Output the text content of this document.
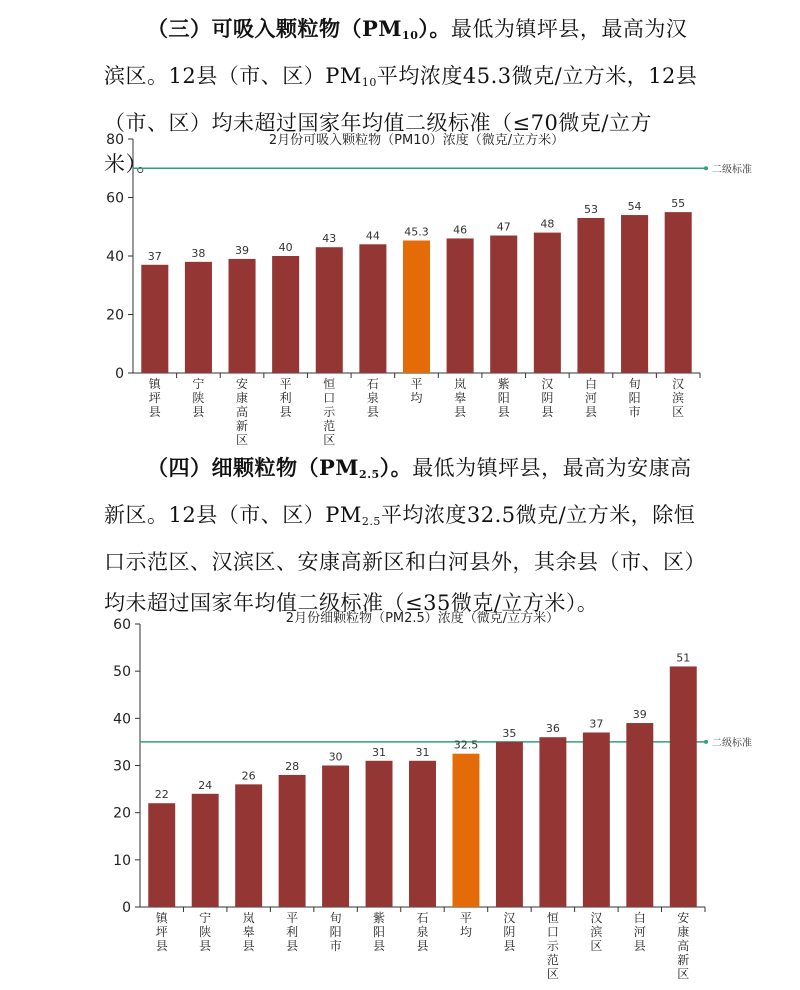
  （三）可吸入颗粒物$(PM_{10})$。最低为镇坪县，最高为汉滨区。12县（市、区）$PM_{10}$平均浓度45.3微克/立方米，12县（市、区）均未超过国家年均值二级标准（≤70微克/立方米）。
2月份可吸入颗粒物（PM10）浓度（微克/立方米）
0
20
40
60
80
二级标准
37
镇坪县
38
宁陕县
39
安康高新区
40
平利县
43
恒口示范区
44
石泉县
45.3
平均
46
岚皋县
47
紫阳县
48
汉阴县
53
白河县
54
旬阳市
55
汉滨区
  （四）细颗粒物$(PM_{2.5})$。最低为镇坪县，最高为安康高新区。12县（市、区）$PM_{2.5}$平均浓度32.5微克/立方米，除恒口示范区、汉滨区、安康高新区和白河县外，其余县（市、区）均未超过国家年均值二级标准（≤35微克/立方米）。
2月份细颗粒物（PM2.5）浓度（微克/立方米）
0
10
20
30
40
50
60
二级标准
22
镇坪县
24
宁陕县
26
岚皋县
28
平利县
30
旬阳市
31
紫阳县
31
石泉县
32.5
平均
35
汉阴县
36
恒口示范区
37
汉滨区
39
白河县
51
安康高新区
